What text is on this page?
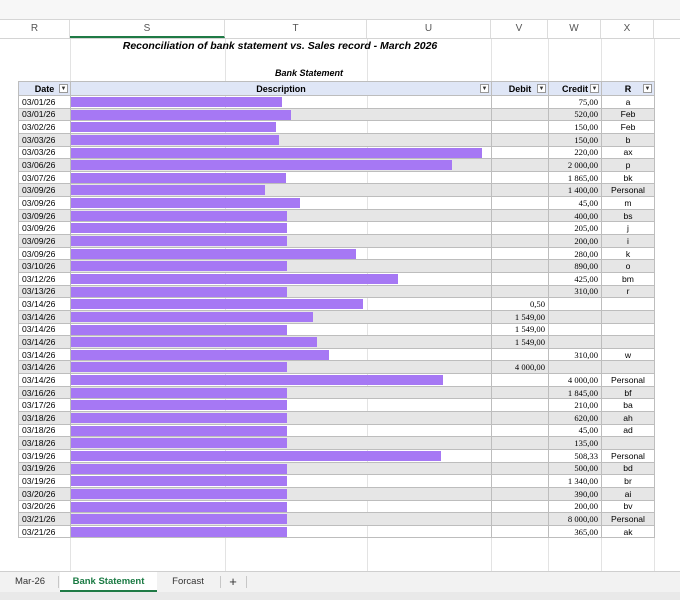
R	S	T	U	V	W	X
Reconciliation of bank statement vs. Sales record - March 2026
Bank Statement
Date ▼	Description ▼	Debit ▼	Credit ▼	R ▼

03/01/26			75,00	a
03/01/26			520,00	Feb
03/02/26			150,00	Feb
03/03/26			150,00	b
03/03/26			220,00	ax
03/06/26			2 000,00	p
03/07/26			1 865,00	bk
03/09/26			1 400,00	Personal
03/09/26			45,00	m
03/09/26			400,00	bs
03/09/26			205,00	j
03/09/26			200,00	i
03/09/26			280,00	k
03/10/26			890,00	o
03/12/26			425,00	bm
03/13/26			310,00	r
03/14/26		0,50		
03/14/26		1 549,00		
03/14/26		1 549,00		
03/14/26		1 549,00		
03/14/26			310,00	w
03/14/26		4 000,00		
03/14/26			4 000,00	Personal
03/16/26			1 845,00	bf
03/17/26			210,00	ba
03/18/26			620,00	ah
03/18/26			45,00	ad
03/18/26			135,00	
03/19/26			508,33	Personal
03/19/26			500,00	bd
03/19/26			1 340,00	br
03/20/26			390,00	ai
03/20/26			200,00	bv
03/21/26			8 000,00	Personal
03/21/26			365,00	ak
Mar-26	Bank Statement	Forcast	+
